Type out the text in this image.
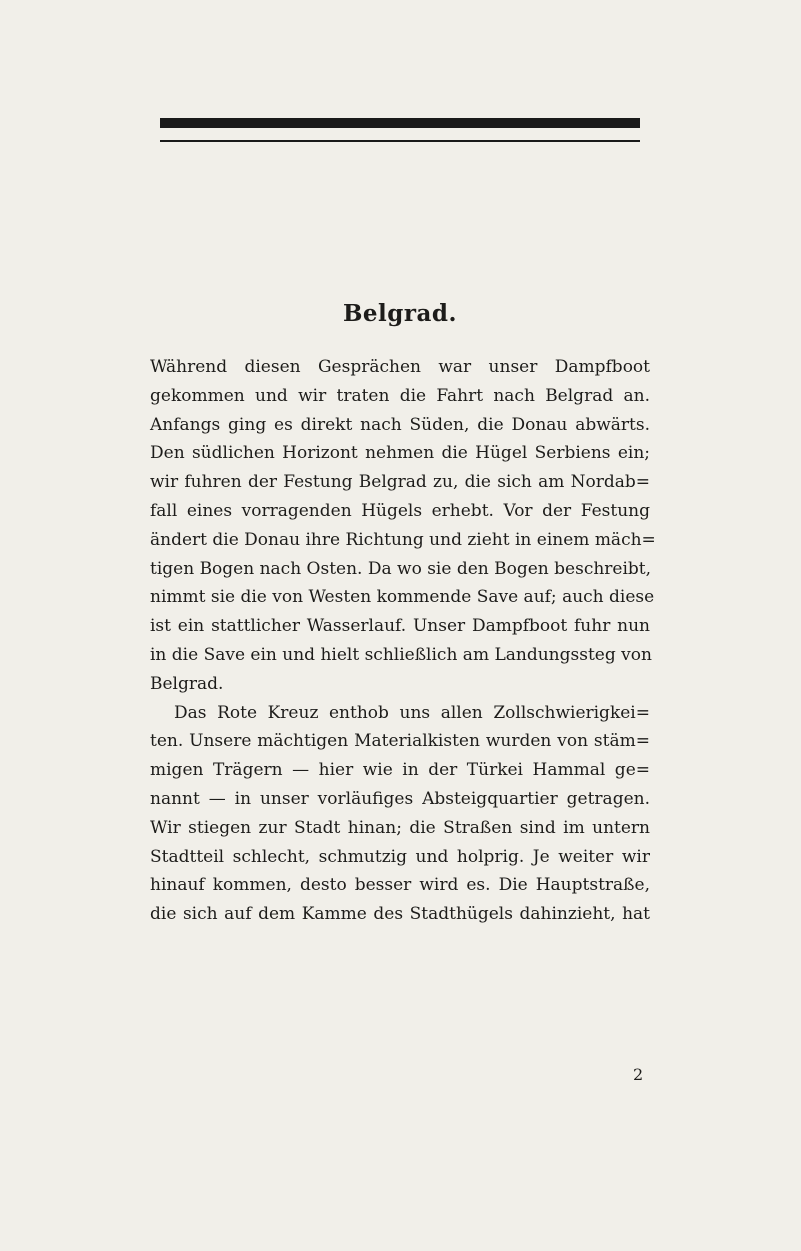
Belgrad.
Während diesen Gesprächen war unser Dampfboot
gekommen und wir traten die Fahrt nach Belgrad an.
Anfangs ging es direkt nach Süden, die Donau abwärts.
Den südlichen Horizont nehmen die Hügel Serbiens ein;
wir fuhren der Festung Belgrad zu, die sich am Nordab=
fall eines vorragenden Hügels erhebt. Vor der Festung
ändert die Donau ihre Richtung und zieht in einem mäch=
tigen Bogen nach Osten. Da wo sie den Bogen beschreibt,
nimmt sie die von Westen kommende Save auf; auch diese
ist ein stattlicher Wasserlauf. Unser Dampfboot fuhr nun
in die Save ein und hielt schließlich am Landungssteg von
Belgrad.
Das Rote Kreuz enthob uns allen Zollschwierigkei=
ten. Unsere mächtigen Materialkisten wurden von stäm=
migen Trägern — hier wie in der Türkei Hammal ge=
nannt — in unser vorläufiges Absteigquartier getragen.
Wir stiegen zur Stadt hinan; die Straßen sind im untern
Stadtteil schlecht, schmutzig und holprig. Je weiter wir
hinauf kommen, desto besser wird es. Die Hauptstraße,
die sich auf dem Kamme des Stadthügels dahinzieht, hat
2
